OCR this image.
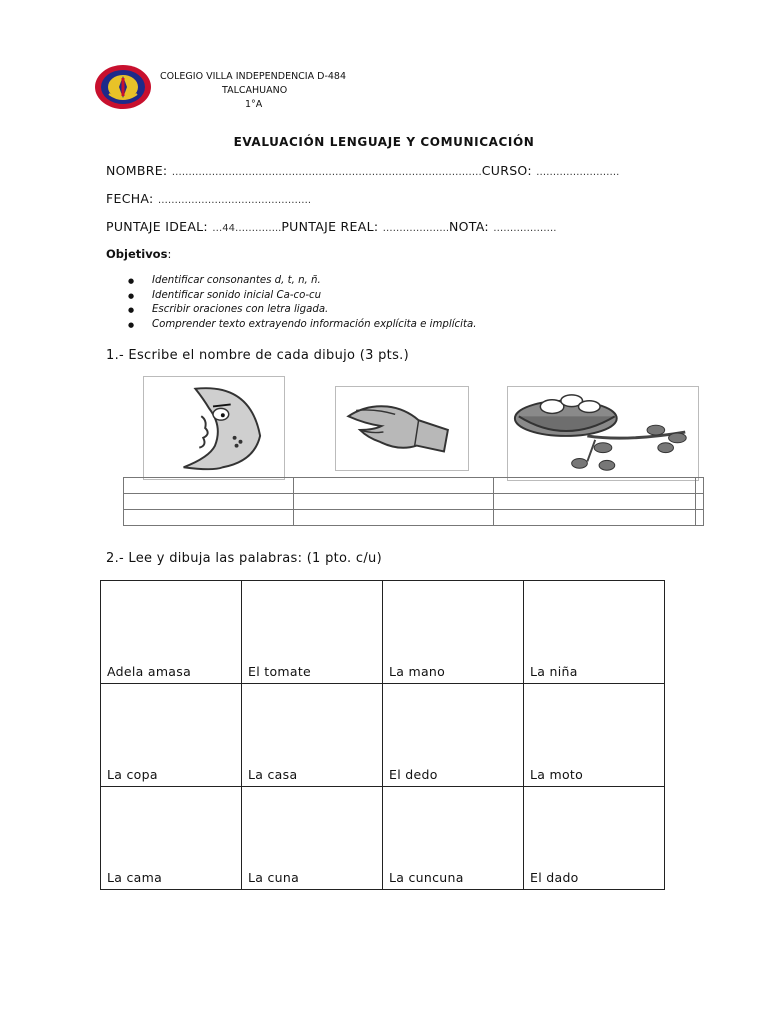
COLEGIO VILLA INDEPENDENCIA D-484
TALCAHUANO
1°A
EVALUACIÓN LENGUAJE Y COMUNICACIÓN
NOMBRE: …………………………………………………………………………………CURSO: …………………….
FECHA: ……………………………………….
PUNTAJE IDEAL: …44…………..PUNTAJE REAL: ………………..NOTA: ……………….
Objetivos:
● Identificar consonantes d, t, n, ñ.
● Identificar sonido inicial Ca-co-cu
● Escribir oraciones con letra ligada.
● Comprender texto extrayendo información explícita e implícita.
1.- Escribe el nombre de cada dibujo (3 pts.)

2.- Lee y dibuja las palabras: (1 pto. c/u)
Adela amasa	El tomate	La mano	La niña
La copa	La casa	El dedo	La moto
La cama	La cuna	La cuncuna	El dado
